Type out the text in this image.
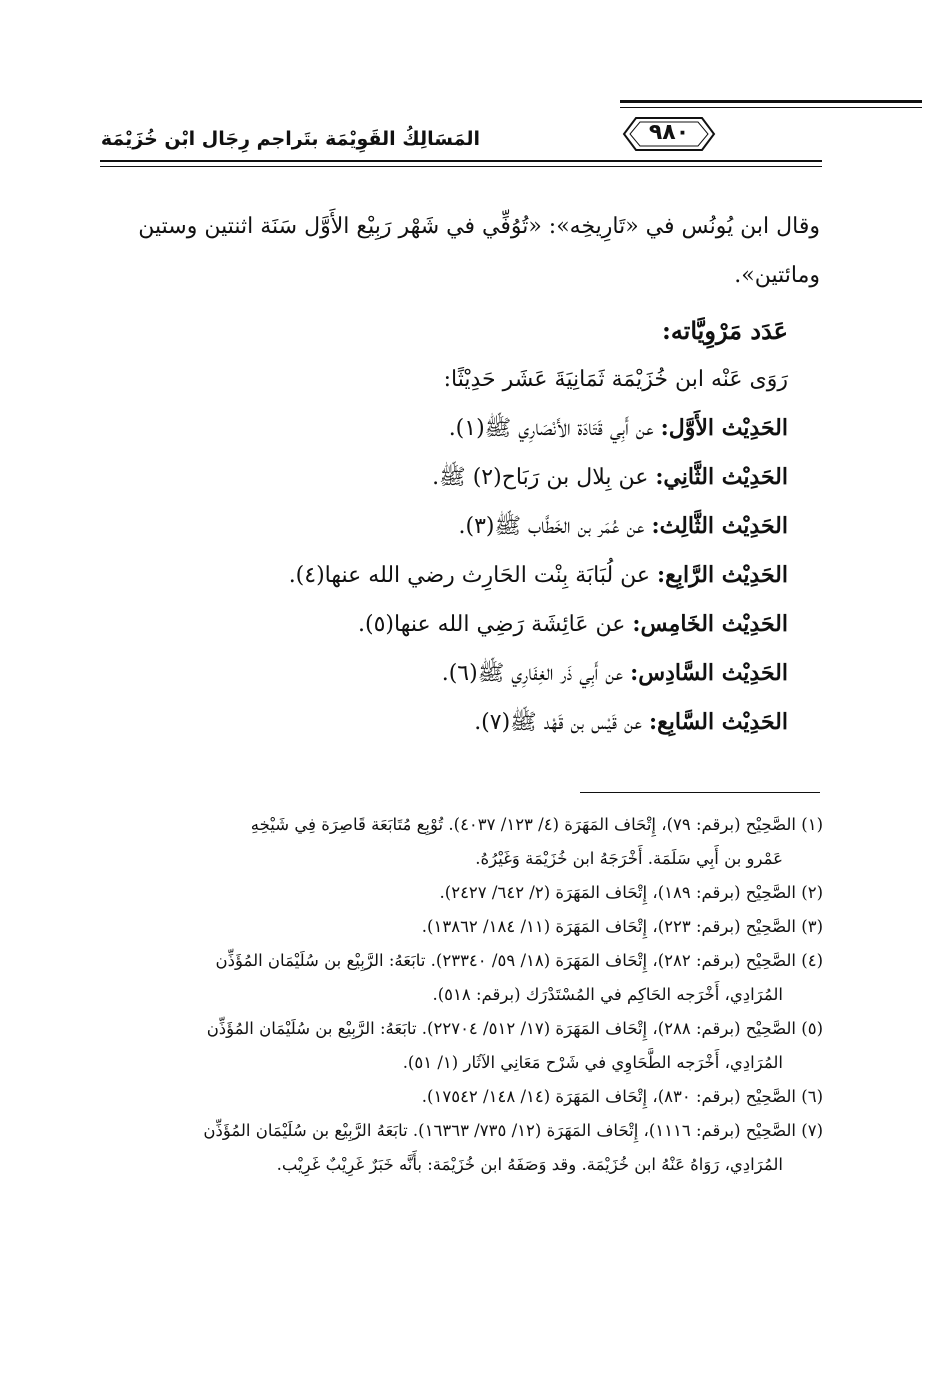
٩٨٠
المَسَالِكُ القَوِيْمَة بتَراجم رِجَال ابْن خُزَيْمَة

وقال ابن يُونُس في «تَارِيخِه»: «تُوُفِّي في شَهْر رَبِيْع الأَوَّل سَنَة اثنتين وستين

ومائتين».

عَدَد مَرْوِيَّاته:

رَوَى عَنْه ابن خُزَيْمَة ثَمَانِيَةَ عَشَر حَدِيْثًا:

الحَدِيْث الأَوَّل: عن أَبِي قَتَادَة الأَنْصَارِي ﷺ(١).

الحَدِيْث الثَّانِي: عن بِلال بن رَبَاح(٢) ﷺ.

الحَدِيْث الثَّالِث: عن عُمَر بن الخَطَّاب ﷺ(٣).

الحَدِيْث الرَّابِع: عن لُبَابَة بِنْت الحَارِث رضي الله عنها(٤).

الحَدِيْث الخَامِس: عن عَائِشَة رَضِي الله عنها(٥).

الحَدِيْث السَّادِس: عن أَبِي ذَر الغِفَارِي ﷺ(٦).

الحَدِيْث السَّابِع: عن قَيْس بن قَهْد ﷺ(٧).

(١) الصَّحِيْح (برقم: ٧٩)، إِتْحَاف المَهَرَة (٤/ ١٢٣/ ٤٠٣٧). تُوْبِع مُتَابَعَة قَاصِرَة فِي شَيْخِهِ

عَمْرو بن أَبِي سَلَمَة. أَخْرَجَهُ ابن خُزَيْمَة وَغَيْرُهُ.

(٢) الصَّحِيْح (برقم: ١٨٩)، إِتْحَاف المَهَرَة (٢/ ٦٤٢/ ٢٤٢٧).

(٣) الصَّحِيْح (برقم: ٢٢٣)، إِتْحَاف المَهَرَة (١١/ ١٨٤/ ١٣٨٦٢).

(٤) الصَّحِيْح (برقم: ٢٨٢)، إِتْحَاف المَهَرَة (١٨/ ٥٩/ ٢٣٣٤٠). تابَعَهُ: الرَّبِيْع بن سُلَيْمَان المُؤَذِّن

المُرَادِي، أَخْرَجه الحَاكِم في المُسْتَدْرَك (برقم: ٥١٨).

(٥) الصَّحِيْح (برقم: ٢٨٨)، إِتْحَاف المَهَرَة (١٧/ ٥١٢/ ٢٢٧٠٤). تابَعَهُ: الرَّبِيْع بن سُلَيْمَان المُؤَذِّن

المُرَادِي، أَخْرَجه الطَّحَاوِي في شَرْح مَعَانِي الآثَار (١/ ٥١).

(٦) الصَّحِيْح (برقم: ٨٣٠)، إِتْحَاف المَهَرَة (١٤/ ١٤٨/ ١٧٥٤٢).

(٧) الصَّحِيْح (برقم: ١١١٦)، إِتْحَاف المَهَرَة (١٢/ ٧٣٥/ ١٦٣٦٣). تابَعَهُ الرَّبِيْع بن سُلَيْمَان المُؤَذِّن

المُرَادِي، رَوَاهُ عَنْهُ ابن خُزَيْمَة. وقد وَصَفَهُ ابن خُزَيْمَة: بأَنَّه خَبَرٌ غَرِيْبٌ غَرِيْب.
